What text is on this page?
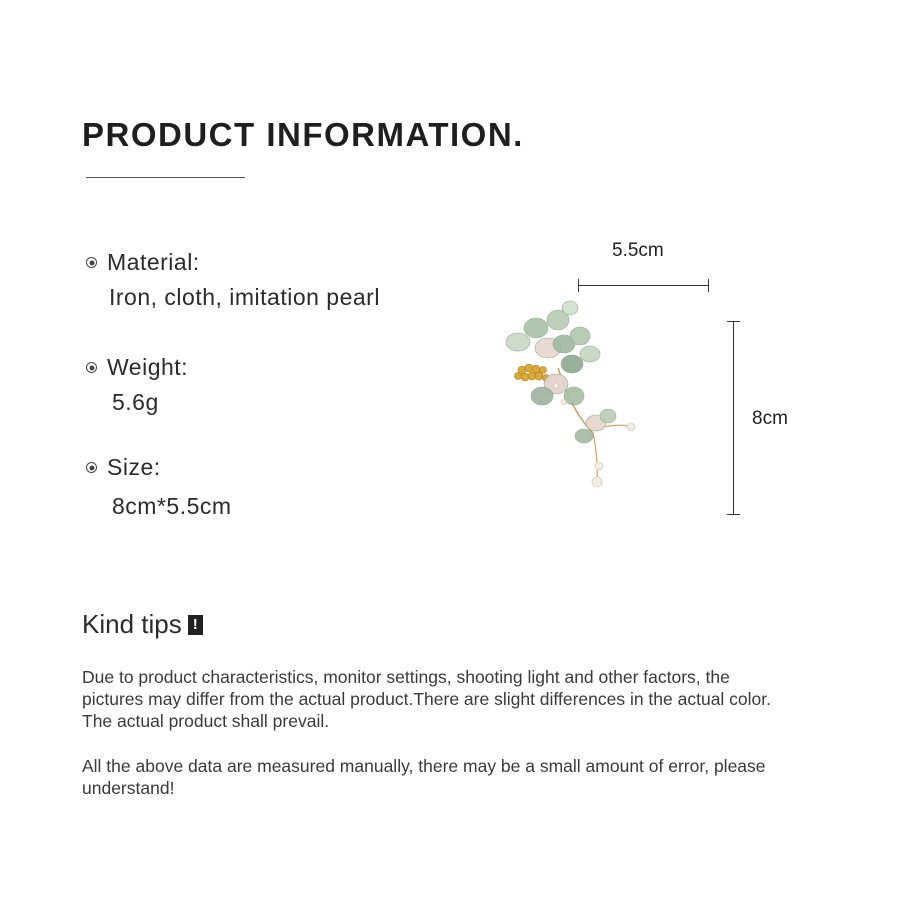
PRODUCT INFORMATION.
Material:
Iron, cloth, imitation pearl
Weight:
5.6g
Size:
8cm*5.5cm
5.5cm
8cm
Kind tips !
Due to product characteristics, monitor settings, shooting light and other factors, the pictures may differ from the actual product.There are slight differences in the actual color. The actual product shall prevail.
All the above data are measured manually, there may be a small amount of error, please understand!
